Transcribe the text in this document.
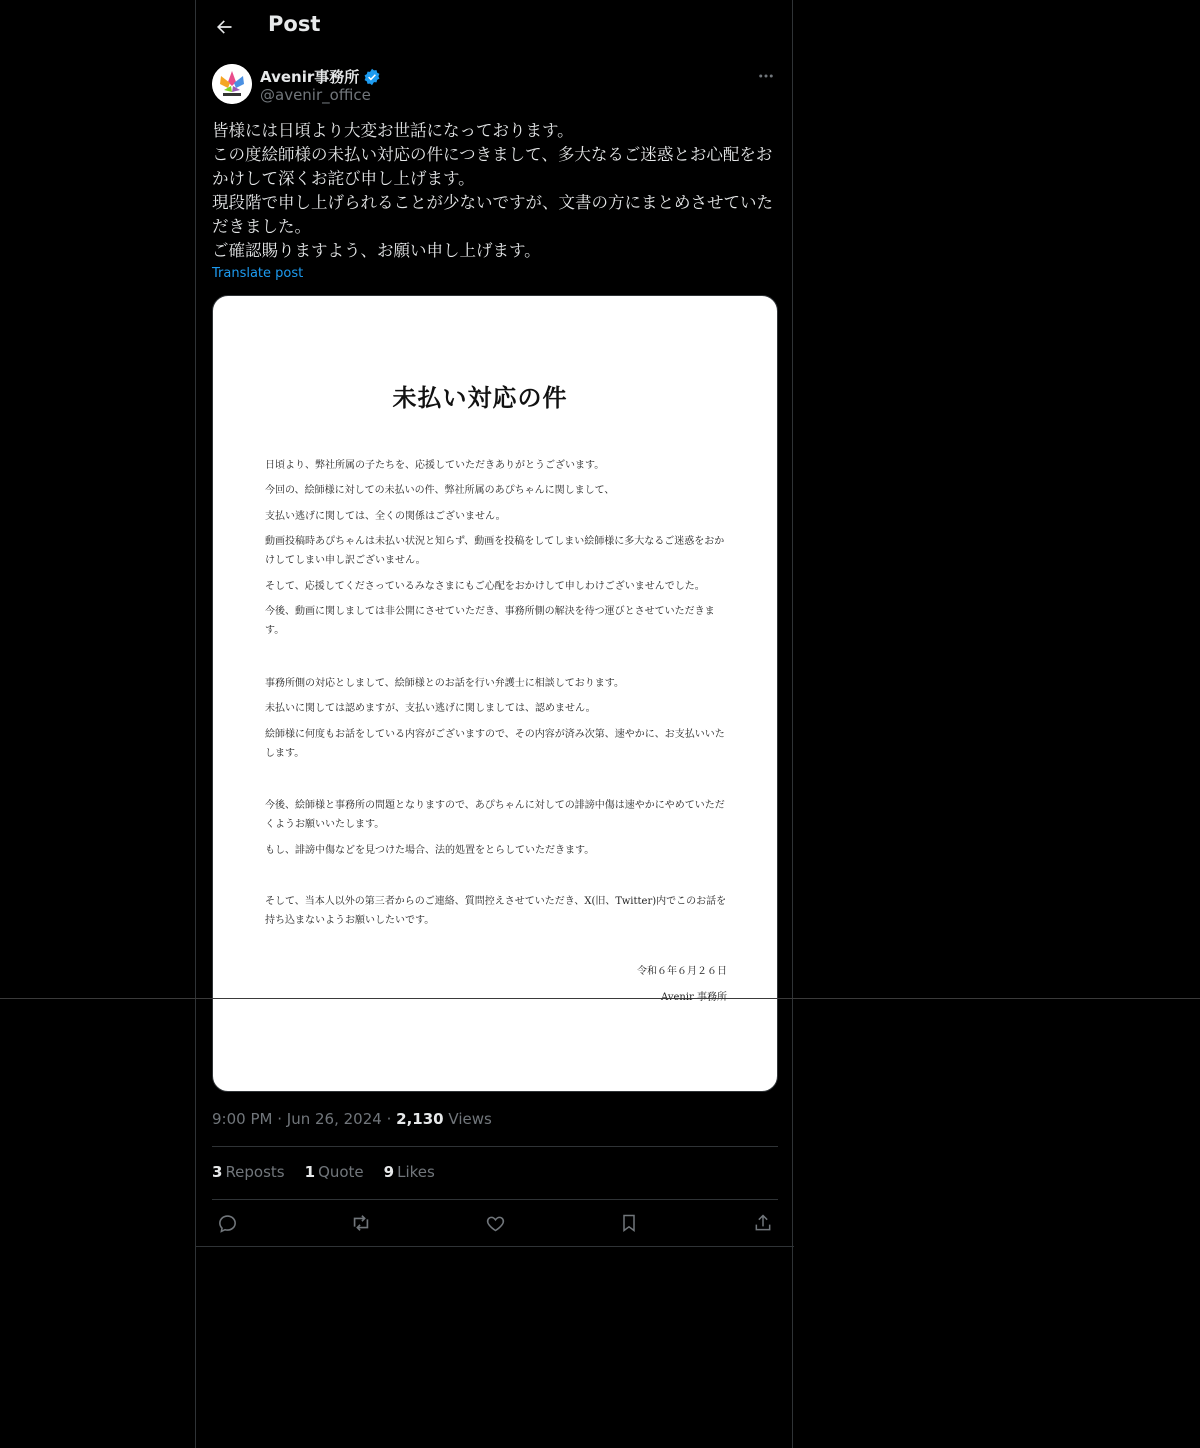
Post
Avenir事務所
@avenir_office
皆様には日頃より大変お世話になっております。
この度絵師様の未払い対応の件につきまして、多大なるご迷惑とお心配をおかけして深くお詫び申し上げます。
現段階で申し上げられることが少ないですが、文書の方にまとめさせていただきました。
ご確認賜りますよう、お願い申し上げます。
Translate post
未払い対応の件
日頃より、弊社所属の子たちを、応援していただきありがとうございます。
今回の、絵師様に対しての未払いの件、弊社所属のあぴちゃんに関しまして、
支払い逃げに関しては、全くの関係はございません。
動画投稿時あぴちゃんは未払い状況と知らず、動画を投稿をしてしまい絵師様に多大なるご迷惑をおかけしてしまい申し訳ございません。
そして、応援してくださっているみなさまにもご心配をおかけして申しわけございませんでした。
今後、動画に関しましては非公開にさせていただき、事務所側の解決を待つ運びとさせていただきます。
事務所側の対応としまして、絵師様とのお話を行い弁護士に相談しております。
未払いに関しては認めますが、支払い逃げに関しましては、認めません。
絵師様に何度もお話をしている内容がございますので、その内容が済み次第、速やかに、お支払いいたします。
今後、絵師様と事務所の問題となりますので、あぴちゃんに対しての誹謗中傷は速やかにやめていただくようお願いいたします。
もし、誹謗中傷などを見つけた場合、法的処置をとらしていただきます。
そして、当本人以外の第三者からのご連絡、質問控えさせていただき、X(旧、Twitter)内でこのお話を持ち込まないようお願いしたいです。
令和６年６月２６日
9:00 PM · Jun 26, 2024 · 2,130 Views
3 Reposts 1 Quote 9 Likes
